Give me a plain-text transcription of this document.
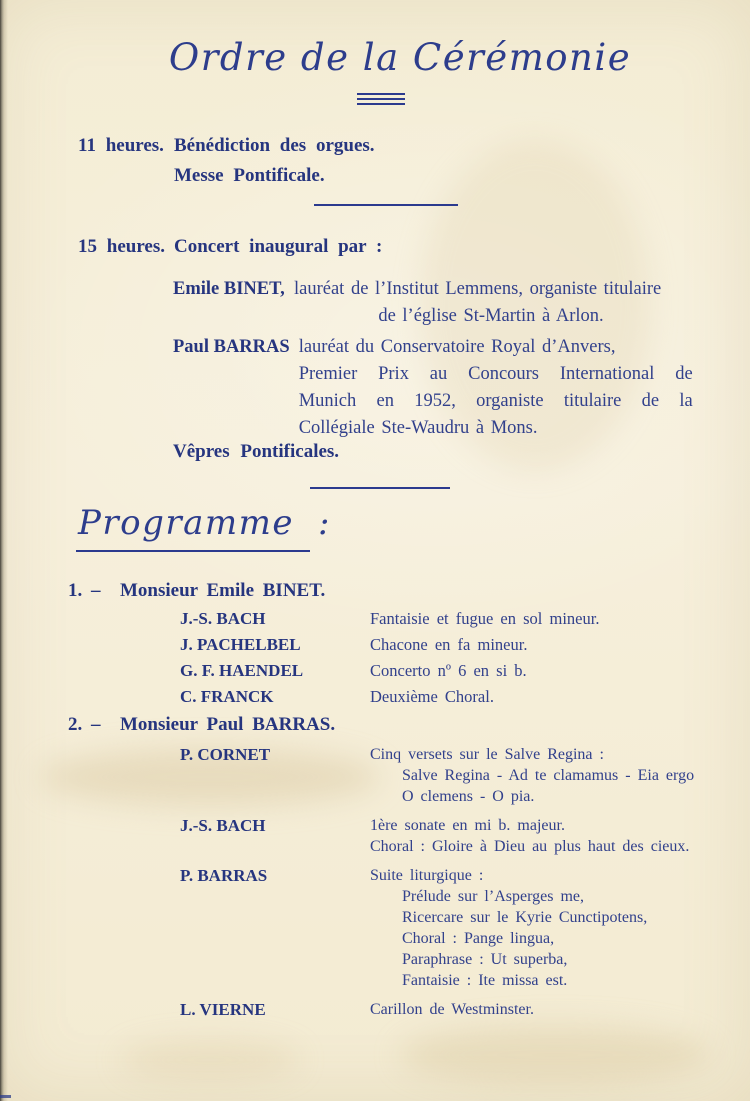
Ordre de la Cérémonie
11 heures. Bénédiction des orgues.
Messe Pontificale.
15 heures. Concert inaugural par :
Emile BINET, lauréat de l’Institut Lemmens, organiste titulaire
de l’église St-Martin à Arlon.
Paul BARRAS lauréat du Conservatoire Royal d’Anvers,
Premier Prix au Concours International de
Munich en 1952, organiste titulaire de la
Collégiale Ste-Waudru à Mons.
Vêpres Pontificales.
Programme :
1. –	Monsieur Emile BINET.
J.-S. BACH	Fantaisie et fugue en sol mineur.
J. PACHELBEL	Chacone en fa mineur.
G. F. HAENDEL	Concerto nº 6 en si b.
C. FRANCK	Deuxième Choral.
2. –	Monsieur Paul BARRAS.
P. CORNET	Cinq versets sur le Salve Regina :
Salve Regina - Ad te clamamus - Eia ergo
O clemens - O pia.
J.-S. BACH	1ère sonate en mi b. majeur.
Choral : Gloire à Dieu au plus haut des cieux.
P. BARRAS	Suite liturgique :
Prélude sur l’Asperges me,
Ricercare sur le Kyrie Cunctipotens,
Choral : Pange lingua,
Paraphrase : Ut superba,
Fantaisie : Ite missa est.
L. VIERNE	Carillon de Westminster.
